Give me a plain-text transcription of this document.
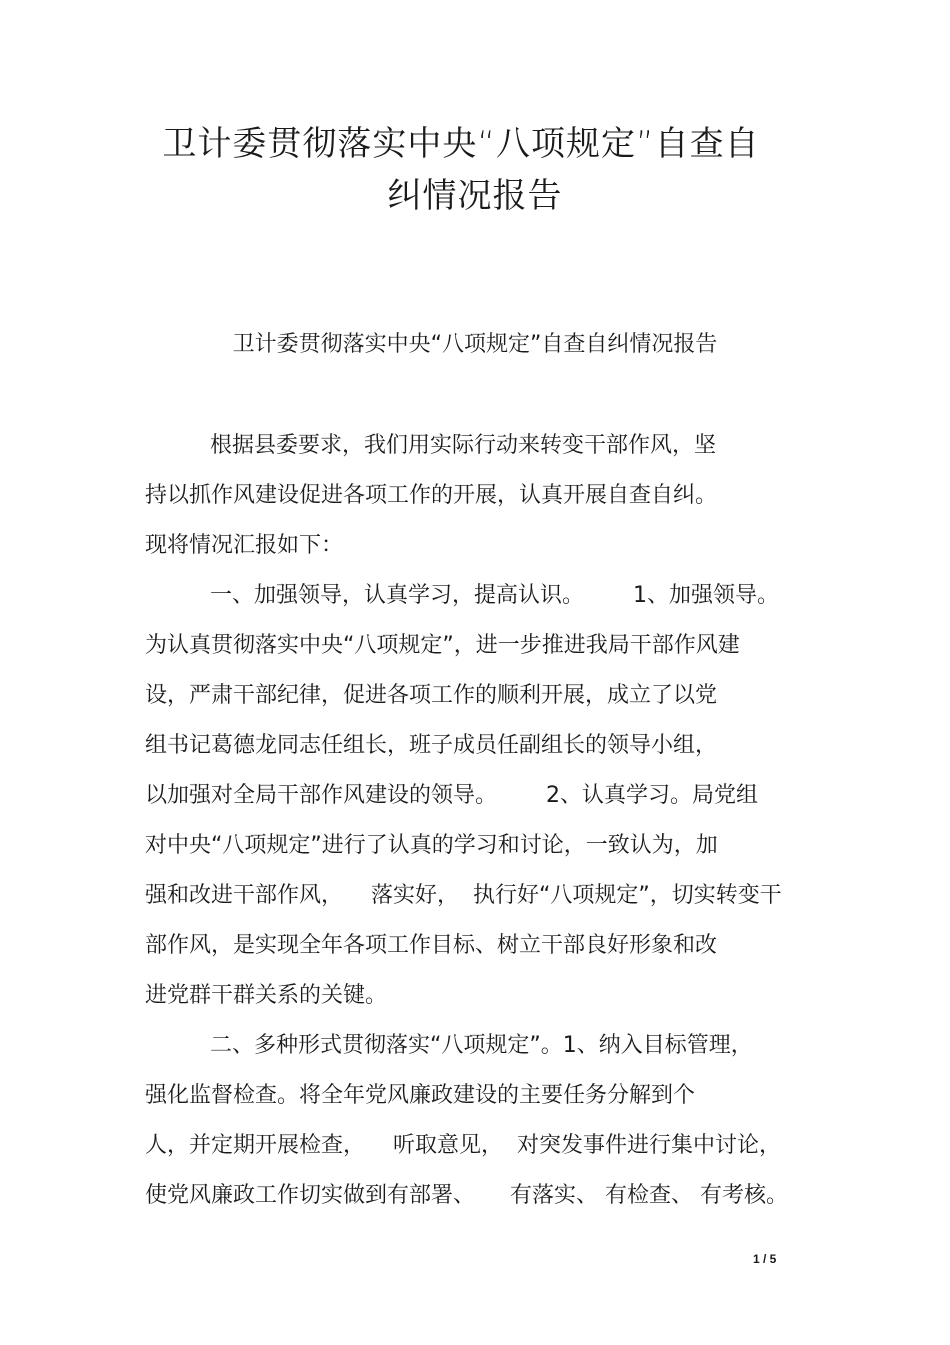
卫计委贯彻落实中央“八项规定”自查自
纠情况报告
卫计委贯彻落实中央“八项规定”自查自纠情况报告
根据县委要求，我们用实际行动来转变干部作风，坚
持以抓作风建设促进各项工作的开展，认真开展自查自纠。
现将情况汇报如下：
一、加强领导，认真学习，提高认识。       1、加强领导。
为认真贯彻落实中央“八项规定”，进一步推进我局干部作风建
设，严肃干部纪律，促进各项工作的顺利开展，成立了以党
组书记葛德龙同志任组长，班子成员任副组长的领导小组，
以加强对全局干部作风建设的领导。       2、认真学习。局党组
对中央“八项规定”进行了认真的学习和讨论，一致认为，加
强和改进干部作风，    落实好，  执行好“八项规定”，切实转变干
部作风，是实现全年各项工作目标、树立干部良好形象和改
进党群干群关系的关键。
二、多种形式贯彻落实“八项规定”。1、纳入目标管理，
强化监督检查。将全年党风廉政建设的主要任务分解到个
人，并定期开展检查，    听取意见，  对突发事件进行集中讨论，
使党风廉政工作切实做到有部署、     有落实、 有检查、 有考核。
1 / 5
